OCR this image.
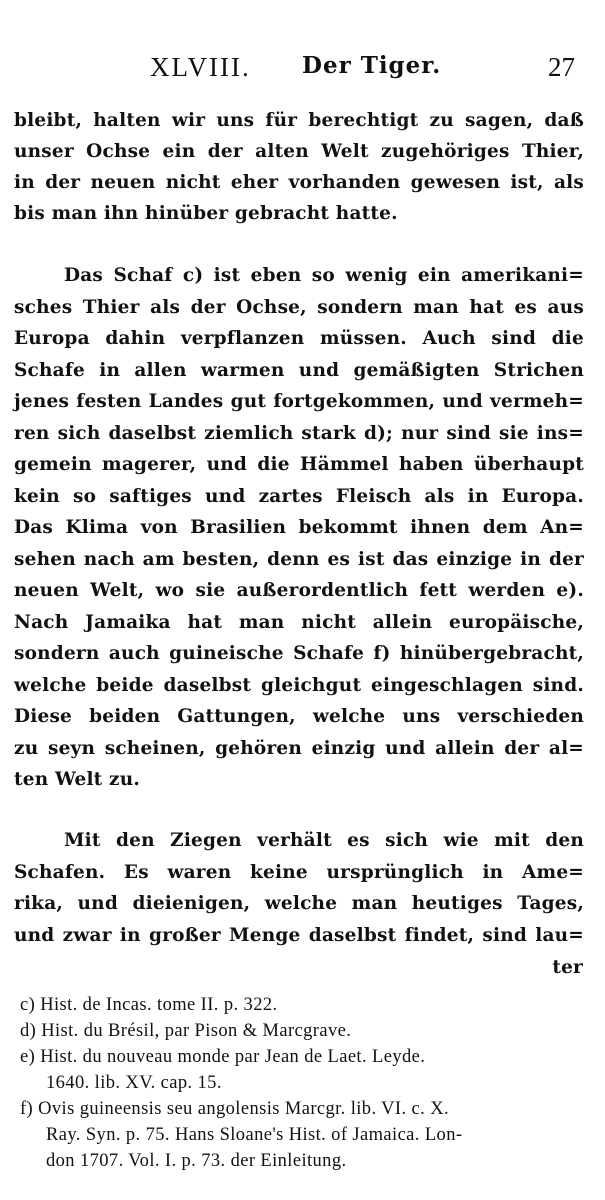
XLVIII. Der Tiger.	27
bleibt, halten wir uns für berechtigt zu sagen, daß
unser Ochse ein der alten Welt zugehöriges Thier,
in der neuen nicht eher vorhanden gewesen ist, als
bis man ihn hinüber gebracht hatte.
Das Schaf c) ist eben so wenig ein amerikani=
sches Thier als der Ochse, sondern man hat es aus
Europa dahin verpflanzen müssen. Auch sind die
Schafe in allen warmen und gemäßigten Strichen
jenes festen Landes gut fortgekommen, und vermeh=
ren sich daselbst ziemlich stark d); nur sind sie ins=
gemein magerer, und die Hämmel haben überhaupt
kein so saftiges und zartes Fleisch als in Europa.
Das Klima von Brasilien bekommt ihnen dem An=
sehen nach am besten, denn es ist das einzige in der
neuen Welt, wo sie außerordentlich fett werden e).
Nach Jamaika hat man nicht allein europäische,
sondern auch guineische Schafe f) hinübergebracht,
welche beide daselbst gleichgut eingeschlagen sind.
Diese beiden Gattungen, welche uns verschieden
zu seyn scheinen, gehören einzig und allein der al=
ten Welt zu.
Mit den Ziegen verhält es sich wie mit den
Schafen. Es waren keine ursprünglich in Ame=
rika, und dieienigen, welche man heutiges Tages,
und zwar in großer Menge daselbst findet, sind lau=
ter
c) Hist. de Incas. tome II. p. 322.
d) Hist. du Brésil, par Pison & Marcgrave.
e) Hist. du nouveau monde par Jean de Laet. Leyde.
1640. lib. XV. cap. 15.
f) Ovis guineensis seu angolensis Marcgr. lib. VI. c. X.
Ray. Syn. p. 75. Hans Sloane's Hist. of Jamaica. Lon-
don 1707. Vol. I. p. 73. der Einleitung.
